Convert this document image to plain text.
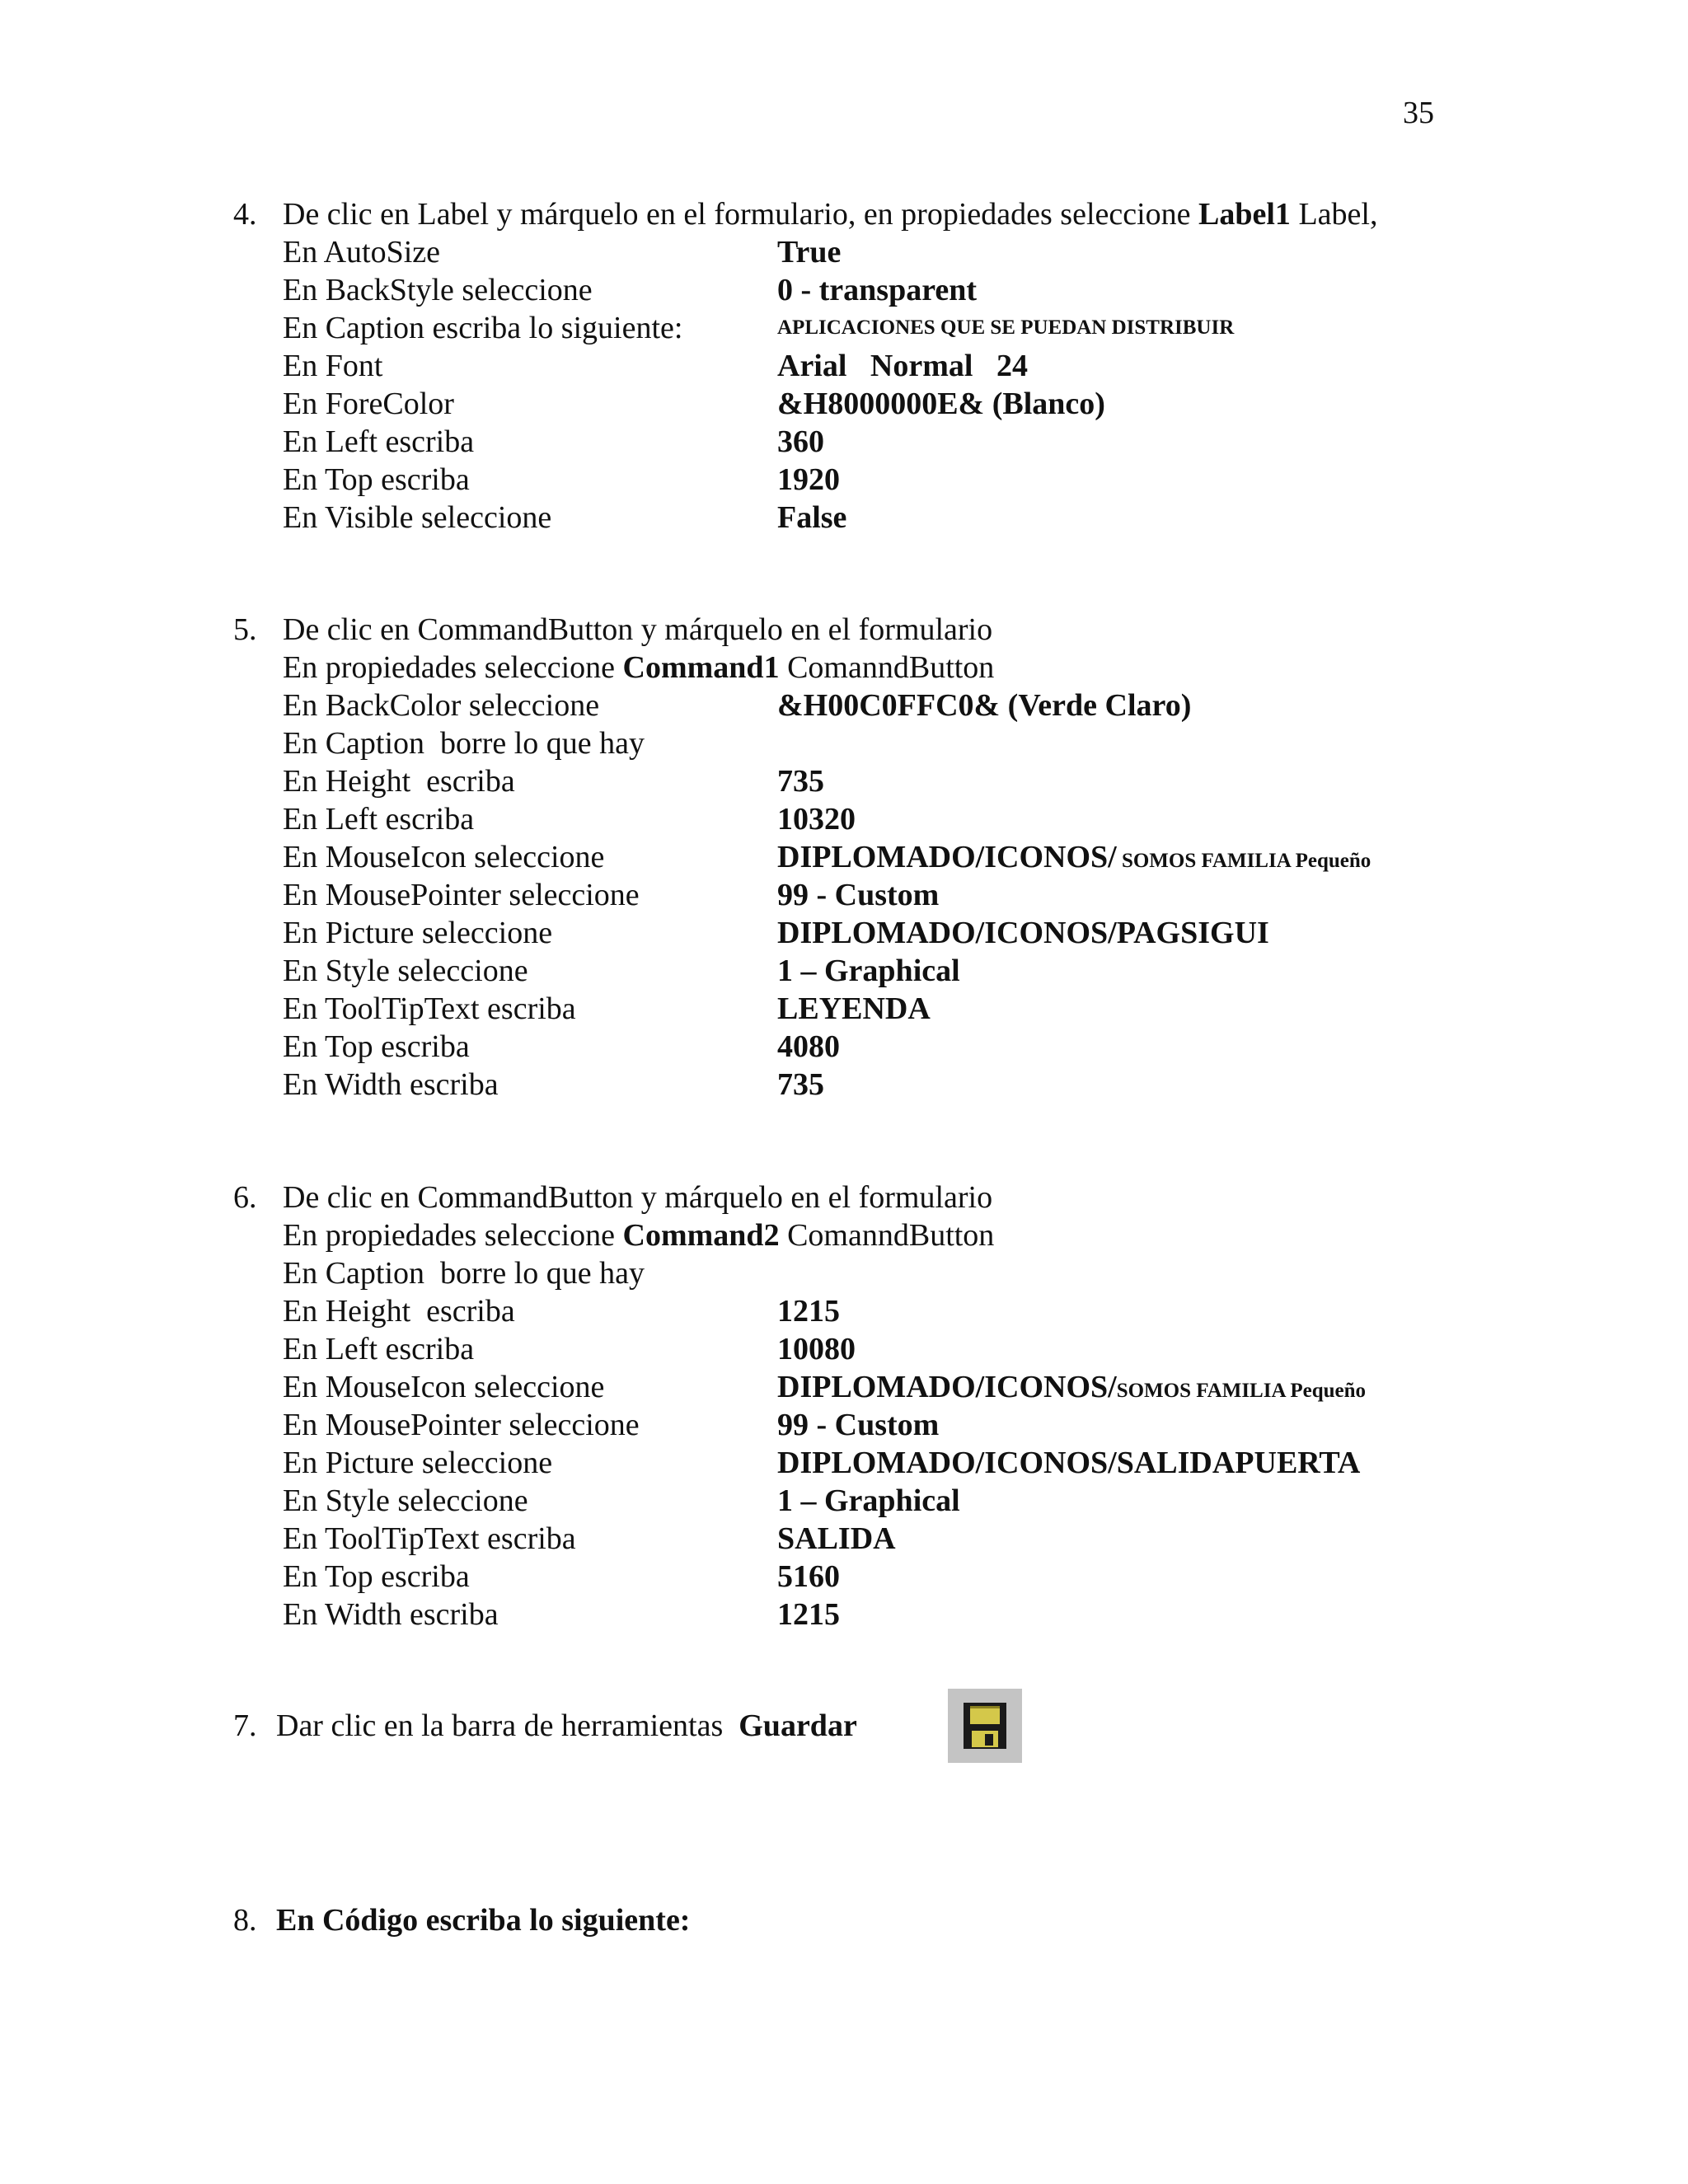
35
4. De clic en Label y márquelo en el formulario, en propiedades seleccione Label1 Label,
En AutoSize	True
En BackStyle seleccione	0 - transparent
En Caption escriba lo siguiente:	APLICACIONES QUE SE PUEDAN DISTRIBUIR
En Font	Arial   Normal   24
En ForeColor	&H8000000E& (Blanco)
En Left escriba	360
En Top escriba	1920
En Visible seleccione	False
5. De clic en CommandButton y márquelo en el formulario
En propiedades seleccione Command1 ComanndButton
En BackColor seleccione	&H00C0FFC0& (Verde Claro)
En Caption  borre lo que hay
En Height  escriba	735
En Left escriba	10320
En MouseIcon seleccione	DIPLOMADO/ICONOS/ SOMOS FAMILIA Pequeño
En MousePointer seleccione	99 - Custom
En Picture seleccione	DIPLOMADO/ICONOS/PAGSIGUI
En Style seleccione	1 – Graphical
En ToolTipText escriba	LEYENDA
En Top escriba	4080
En Width escriba	735
6. De clic en CommandButton y márquelo en el formulario
En propiedades seleccione Command2 ComanndButton
En Caption  borre lo que hay
En Height  escriba	1215
En Left escriba	10080
En MouseIcon seleccione	DIPLOMADO/ICONOS/SOMOS FAMILIA Pequeño
En MousePointer seleccione	99 - Custom
En Picture seleccione	DIPLOMADO/ICONOS/SALIDAPUERTA
En Style seleccione	1 – Graphical
En ToolTipText escriba	SALIDA
En Top escriba	5160
En Width escriba	1215
7. Dar clic en la barra de herramientas  Guardar
8. En Código escriba lo siguiente:
